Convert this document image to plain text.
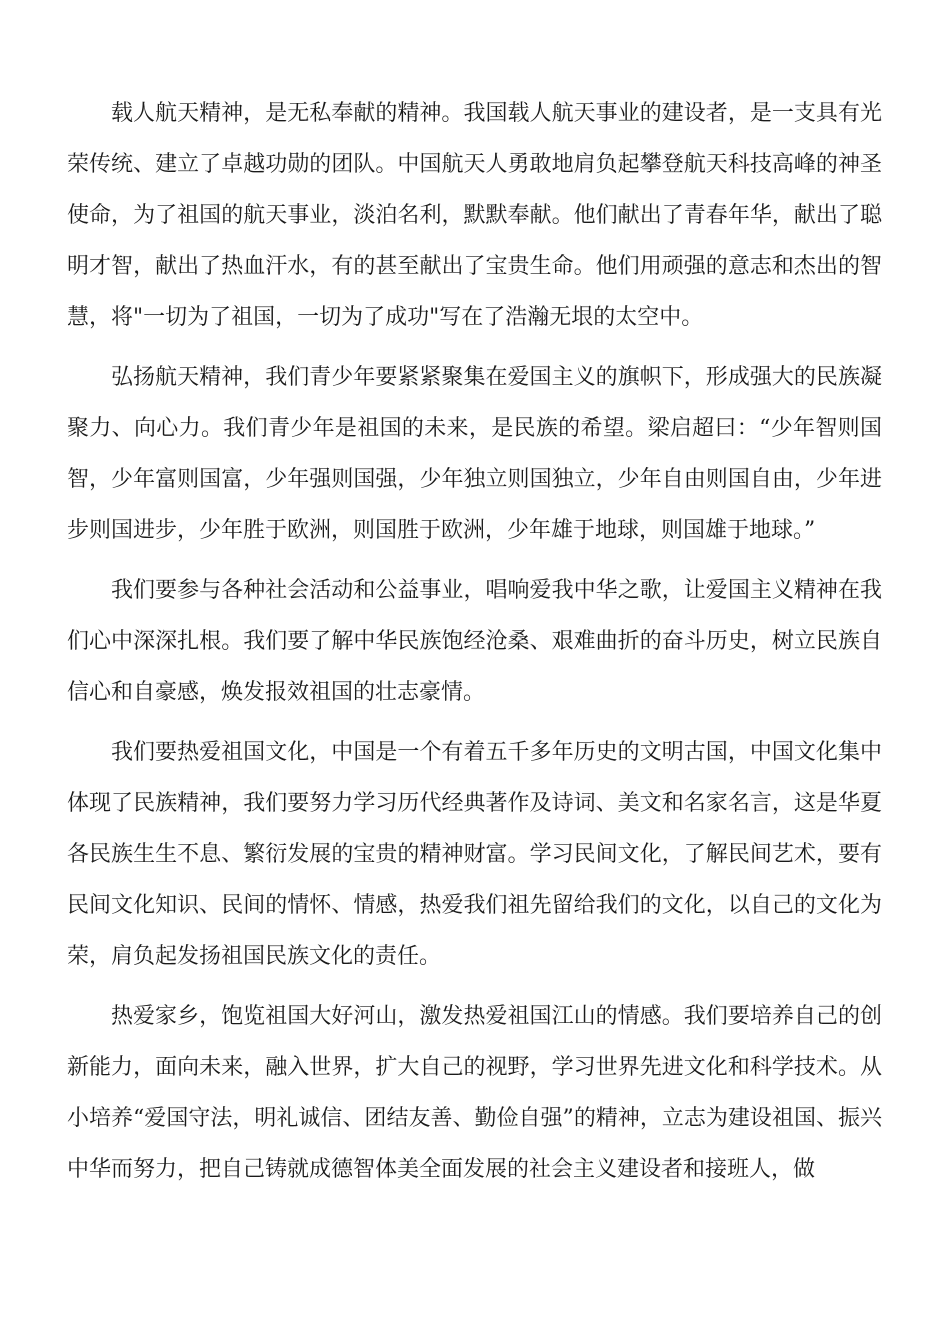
载人航天精神，是无私奉献的精神。我国载人航天事业的建设者，是一支具有光荣传统、建立了卓越功勋的团队。中国航天人勇敢地肩负起攀登航天科技高峰的神圣使命，为了祖国的航天事业，淡泊名利，默默奉献。他们献出了青春年华，献出了聪明才智，献出了热血汗水，有的甚至献出了宝贵生命。他们用顽强的意志和杰出的智慧，将"一切为了祖国，一切为了成功"写在了浩瀚无垠的太空中。

弘扬航天精神，我们青少年要紧紧聚集在爱国主义的旗帜下，形成强大的民族凝聚力、向心力。我们青少年是祖国的未来，是民族的希望。梁启超曰：“少年智则国智，少年富则国富，少年强则国强，少年独立则国独立，少年自由则国自由，少年进步则国进步，少年胜于欧洲，则国胜于欧洲，少年雄于地球，则国雄于地球。”

我们要参与各种社会活动和公益事业，唱响爱我中华之歌，让爱国主义精神在我们心中深深扎根。我们要了解中华民族饱经沧桑、艰难曲折的奋斗历史，树立民族自信心和自豪感，焕发报效祖国的壮志豪情。

我们要热爱祖国文化，中国是一个有着五千多年历史的文明古国，中国文化集中体现了民族精神，我们要努力学习历代经典著作及诗词、美文和名家名言，这是华夏各民族生生不息、繁衍发展的宝贵的精神财富。学习民间文化，了解民间艺术，要有民间文化知识、民间的情怀、情感，热爱我们祖先留给我们的文化，以自己的文化为荣，肩负起发扬祖国民族文化的责任。

热爱家乡，饱览祖国大好河山，激发热爱祖国江山的情感。我们要培养自己的创新能力，面向未来，融入世界，扩大自己的视野，学习世界先进文化和科学技术。从小培养“爱国守法，明礼诚信、团结友善、勤俭自强”的精神，立志为建设祖国、振兴中华而努力，把自己铸就成德智体美全面发展的社会主义建设者和接班人，做
